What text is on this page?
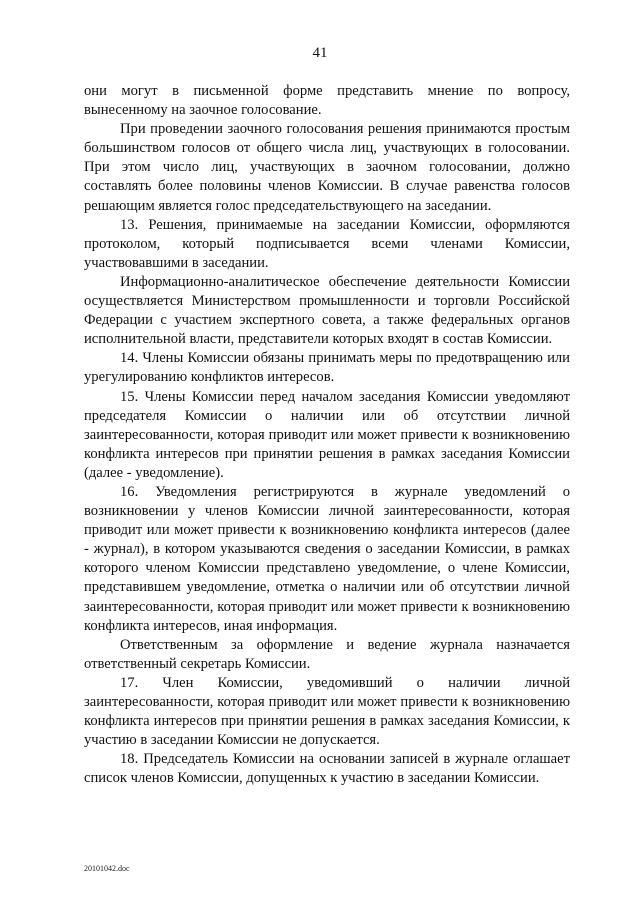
41

они могут в письменной форме представить мнение по вопросу, вынесенному на заочное голосование.

При проведении заочного голосования решения принимаются простым большинством голосов от общего числа лиц, участвующих в голосовании. При этом число лиц, участвующих в заочном голосовании, должно составлять более половины членов Комиссии. В случае равенства голосов решающим является голос председательствующего на заседании.

13. Решения, принимаемые на заседании Комиссии, оформляются протоколом, который подписывается всеми членами Комиссии, участвовавшими в заседании.

Информационно-аналитическое обеспечение деятельности Комиссии осуществляется Министерством промышленности и торговли Российской Федерации с участием экспертного совета, а также федеральных органов исполнительной власти, представители которых входят в состав Комиссии.

14. Члены Комиссии обязаны принимать меры по предотвращению или урегулированию конфликтов интересов.

15. Члены Комиссии перед началом заседания Комиссии уведомляют председателя Комиссии о наличии или об отсутствии личной заинтересованности, которая приводит или может привести к возникновению конфликта интересов при принятии решения в рамках заседания Комиссии (далее - уведомление).

16. Уведомления регистрируются в журнале уведомлений о возникновении у членов Комиссии личной заинтересованности, которая приводит или может привести к возникновению конфликта интересов (далее - журнал), в котором указываются сведения о заседании Комиссии, в рамках которого членом Комиссии представлено уведомление, о члене Комиссии, представившем уведомление, отметка о наличии или об отсутствии личной заинтересованности, которая приводит или может привести к возникновению конфликта интересов, иная информация.

Ответственным за оформление и ведение журнала назначается ответственный секретарь Комиссии.

17. Член Комиссии, уведомивший о наличии личной заинтересованности, которая приводит или может привести к возникновению конфликта интересов при принятии решения в рамках заседания Комиссии, к участию в заседании Комиссии не допускается.

18. Председатель Комиссии на основании записей в журнале оглашает список членов Комиссии, допущенных к участию в заседании Комиссии.

20101042.doc
